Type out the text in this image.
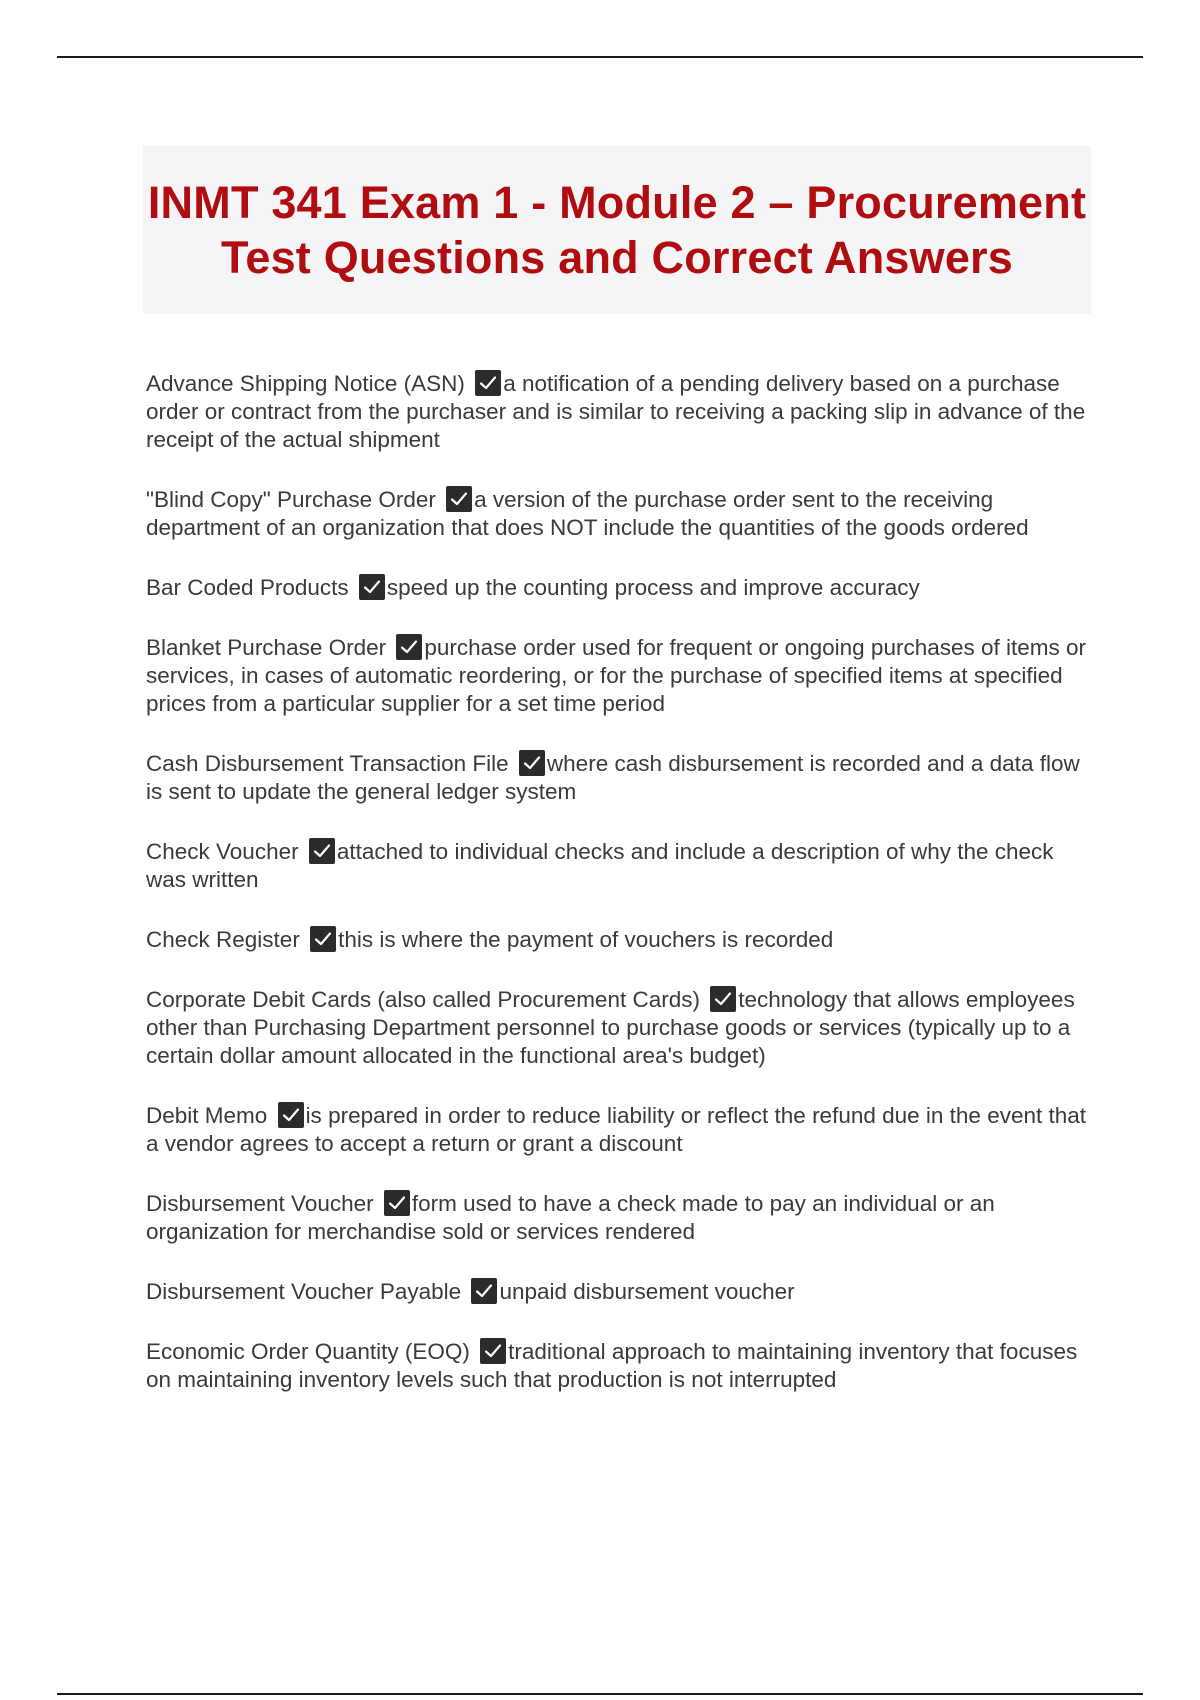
INMT 341 Exam 1 - Module 2 – Procurement Test Questions and Correct Answers
Advance Shipping Notice (ASN) a notification of a pending delivery based on a purchase order or contract from the purchaser and is similar to receiving a packing slip in advance of the receipt of the actual shipment
"Blind Copy" Purchase Order a version of the purchase order sent to the receiving department of an organization that does NOT include the quantities of the goods ordered
Bar Coded Products speed up the counting process and improve accuracy
Blanket Purchase Order purchase order used for frequent or ongoing purchases of items or services, in cases of automatic reordering, or for the purchase of specified items at specified prices from a particular supplier for a set time period
Cash Disbursement Transaction File where cash disbursement is recorded and a data flow is sent to update the general ledger system
Check Voucher attached to individual checks and include a description of why the check was written
Check Register this is where the payment of vouchers is recorded
Corporate Debit Cards (also called Procurement Cards) technology that allows employees other than Purchasing Department personnel to purchase goods or services (typically up to a certain dollar amount allocated in the functional area's budget)
Debit Memo is prepared in order to reduce liability or reflect the refund due in the event that a vendor agrees to accept a return or grant a discount
Disbursement Voucher form used to have a check made to pay an individual or an organization for merchandise sold or services rendered
Disbursement Voucher Payable unpaid disbursement voucher
Economic Order Quantity (EOQ) traditional approach to maintaining inventory that focuses on maintaining inventory levels such that production is not interrupted
